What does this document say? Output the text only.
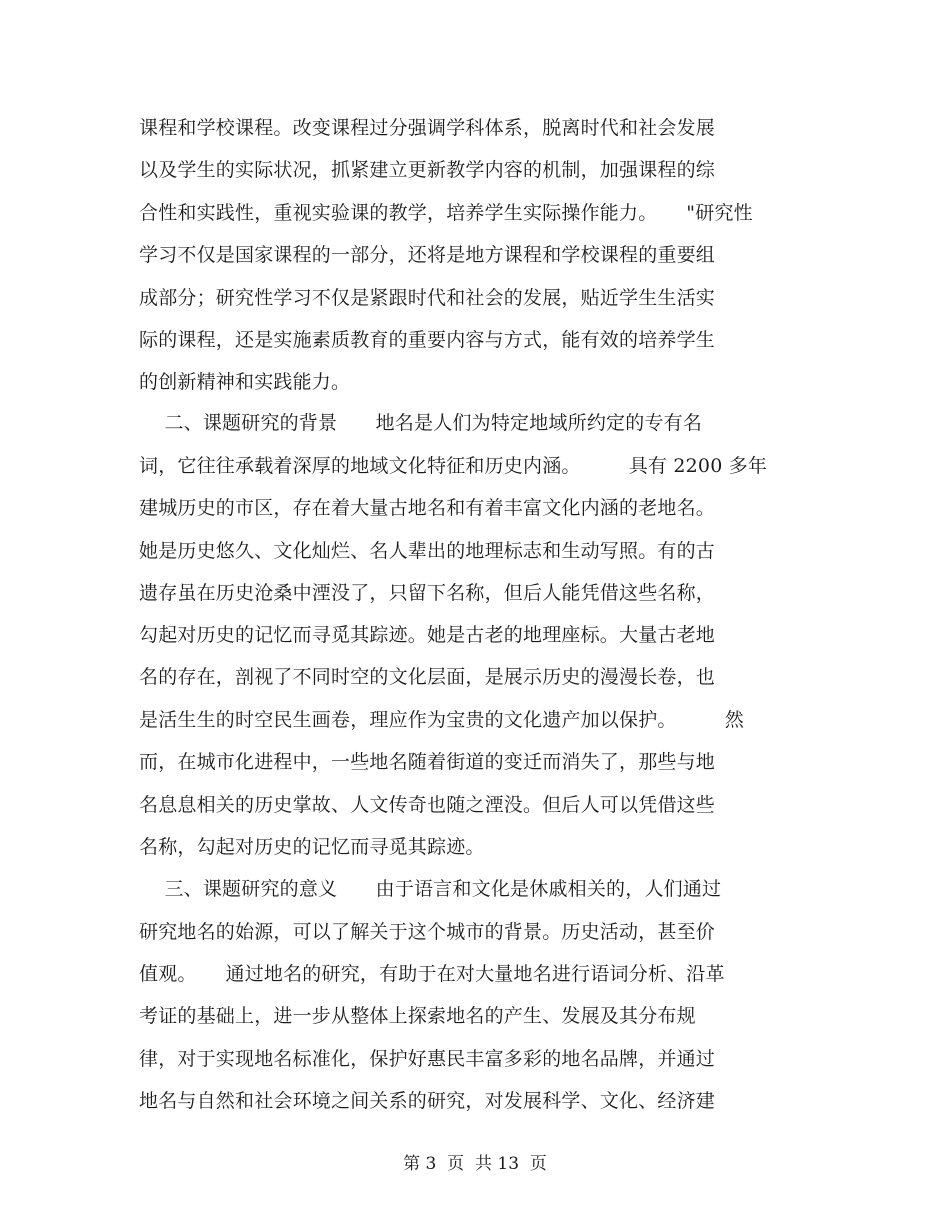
课程和学校课程。改变课程过分强调学科体系，脱离时代和社会发展
以及学生的实际状况，抓紧建立更新教学内容的机制，加强课程的综
合性和实践性，重视实验课的教学，培养学生实际操作能力。　　"研究性
学习不仅是国家课程的一部分，还将是地方课程和学校课程的重要组
成部分；研究性学习不仅是紧跟时代和社会的发展，贴近学生生活实
际的课程，还是实施素质教育的重要内容与方式，能有效的培养学生
的创新精神和实践能力。
　 二、课题研究的背景　　地名是人们为特定地域所约定的专有名
词，它往往承载着深厚的地域文化特征和历史内涵。　　　具有 2200 多年
建城历史的市区，存在着大量古地名和有着丰富文化内涵的老地名。
她是历史悠久、文化灿烂、名人辈出的地理标志和生动写照。有的古
遗存虽在历史沧桑中湮没了，只留下名称，但后人能凭借这些名称，
勾起对历史的记忆而寻觅其踪迹。她是古老的地理座标。大量古老地
名的存在，剖视了不同时空的文化层面，是展示历史的漫漫长卷，也
是活生生的时空民生画卷，理应作为宝贵的文化遗产加以保护。　　　然
而，在城市化进程中，一些地名随着街道的变迁而消失了，那些与地
名息息相关的历史掌故、人文传奇也随之湮没。但后人可以凭借这些
名称，勾起对历史的记忆而寻觅其踪迹。
　 三、课题研究的意义　　由于语言和文化是休戚相关的，人们通过
研究地名的始源，可以了解关于这个城市的背景。历史活动，甚至价
值观。　　通过地名的研究，有助于在对大量地名进行语词分析、沿革
考证的基础上，进一步从整体上探索地名的产生、发展及其分布规
律，对于实现地名标准化，保护好惠民丰富多彩的地名品牌，并通过
地名与自然和社会环境之间关系的研究，对发展科学、文化、经济建
第 3  页  共 13  页
